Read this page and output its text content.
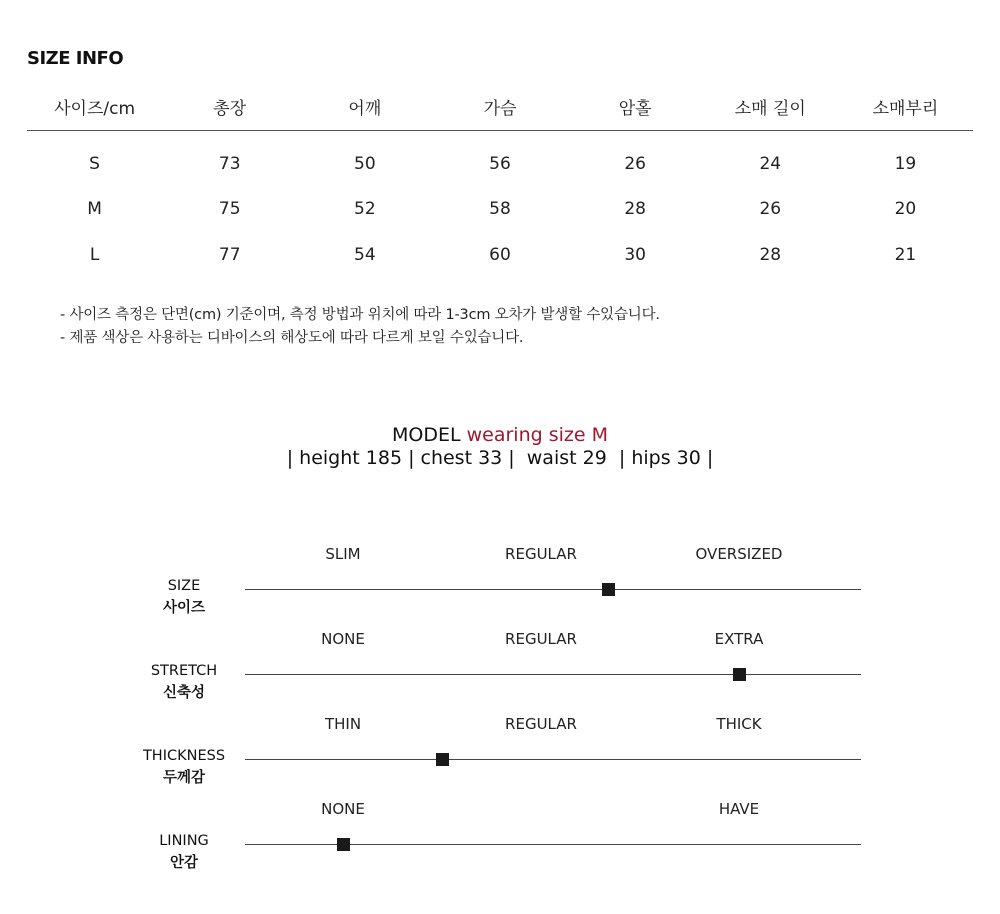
SIZE INFO
사이즈/cm	총장	어깨	가슴	암홀	소매 길이	소매부리
S	73	50	56	26	24	19
M	75	52	58	28	26	20
L	77	54	60	30	28	21
- 사이즈 측정은 단면(cm) 기준이며, 측정 방법과 위치에 따라 1-3cm 오차가 발생할 수있습니다.
- 제품 색상은 사용하는 디바이스의 해상도에 따라 다르게 보일 수있습니다.
MODEL wearing size M
| height 185 | chest 33 |  waist 29  | hips 30 |
SIZE
사이즈
SLIM	REGULAR	OVERSIZED
STRETCH
신축성
NONE	REGULAR	EXTRA
THICKNESS
두께감
THIN	REGULAR	THICK
LINING
안감
NONE	HAVE
